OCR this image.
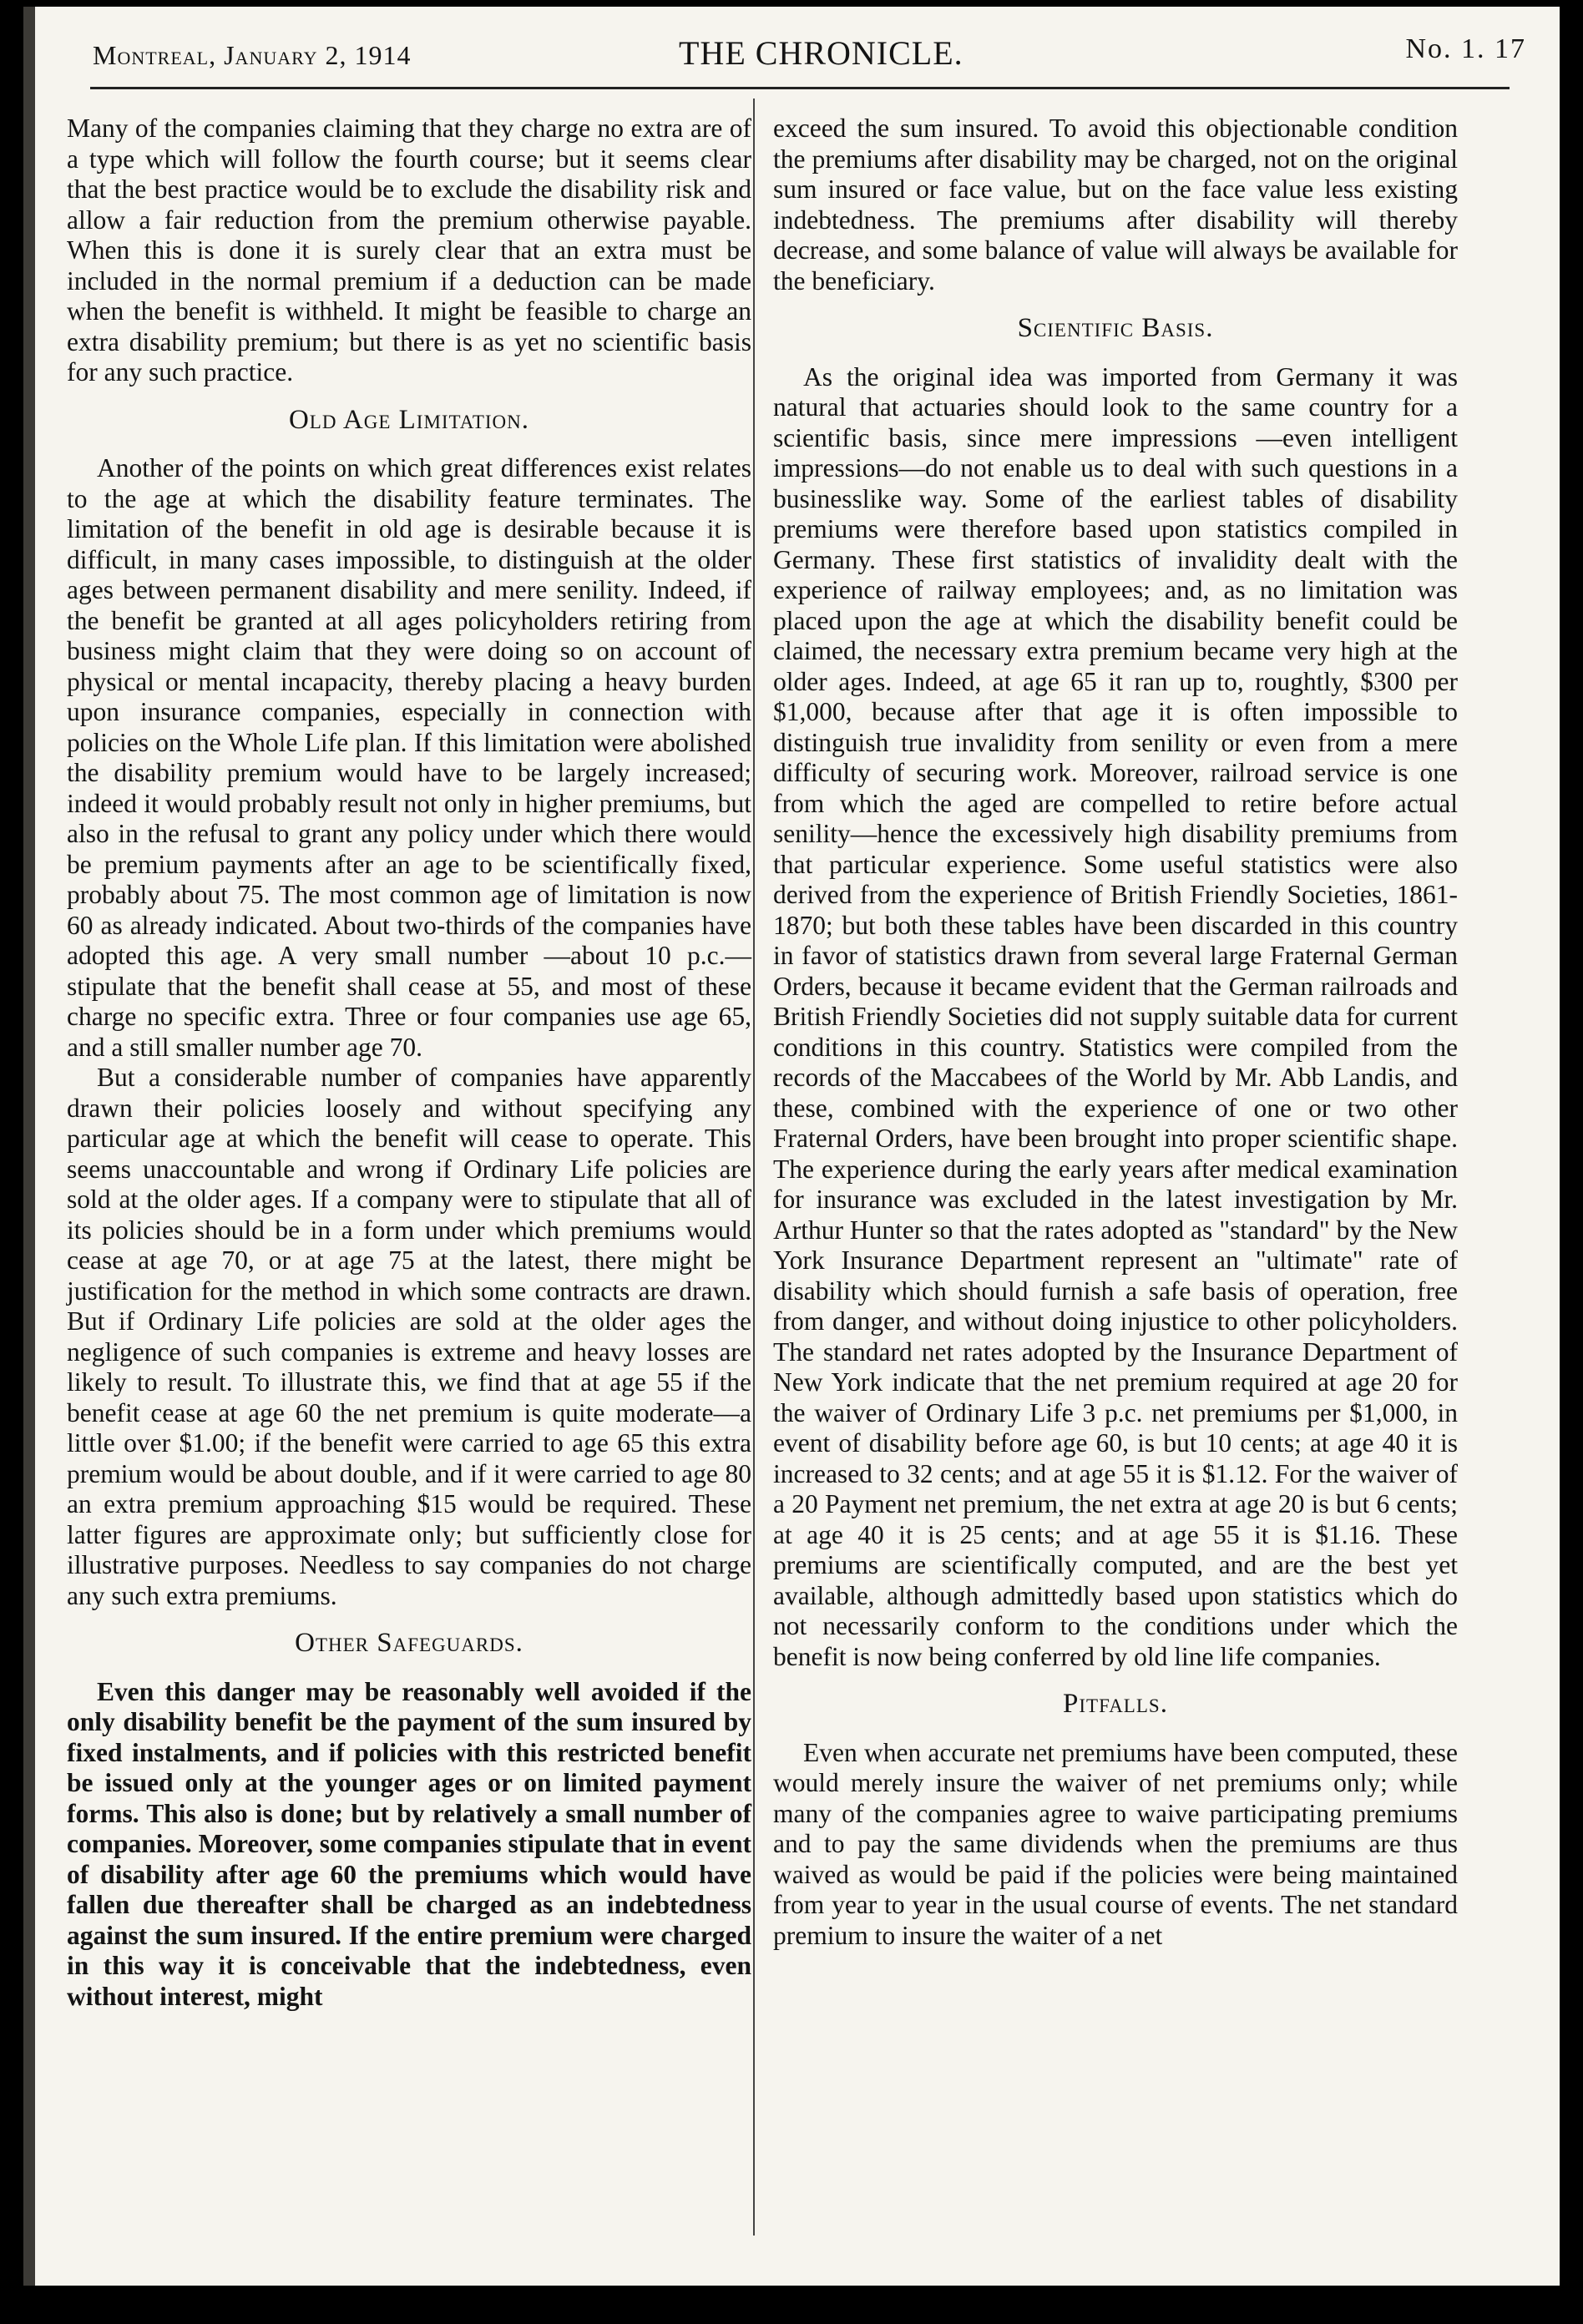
Montreal, January 2, 1914	THE CHRONICLE.	No. 1. 17

Many of the companies claiming that they charge no extra are of a type which will follow the fourth course; but it seems clear that the best practice would be to exclude the disability risk and allow a fair reduction from the premium otherwise payable. When this is done it is surely clear that an extra must be included in the normal premium if a deduction can be made when the benefit is withheld. It might be feasible to charge an extra disability premium; but there is as yet no scientific basis for any such practice.

Old Age Limitation.

Another of the points on which great differences exist relates to the age at which the disability feature terminates. The limitation of the benefit in old age is desirable because it is difficult, in many cases impossible, to distinguish at the older ages between permanent disability and mere senility. Indeed, if the benefit be granted at all ages policyholders retiring from business might claim that they were doing so on account of physical or mental incapacity, thereby placing a heavy burden upon insurance companies, especially in connection with policies on the Whole Life plan. If this limitation were abolished the disability premium would have to be largely increased; indeed it would probably result not only in higher premiums, but also in the refusal to grant any policy under which there would be premium payments after an age to be scientifically fixed, probably about 75. The most common age of limitation is now 60 as already indicated. About two-thirds of the companies have adopted this age. A very small number —about 10 p.c.—stipulate that the benefit shall cease at 55, and most of these charge no specific extra. Three or four companies use age 65, and a still smaller number age 70.

But a considerable number of companies have apparently drawn their policies loosely and without specifying any particular age at which the benefit will cease to operate. This seems unaccountable and wrong if Ordinary Life policies are sold at the older ages. If a company were to stipulate that all of its policies should be in a form under which premiums would cease at age 70, or at age 75 at the latest, there might be justification for the method in which some contracts are drawn. But if Ordinary Life policies are sold at the older ages the negligence of such companies is extreme and heavy losses are likely to result. To illustrate this, we find that at age 55 if the benefit cease at age 60 the net premium is quite moderate—a little over $1.00; if the benefit were carried to age 65 this extra premium would be about double, and if it were carried to age 80 an extra premium approaching $15 would be required. These latter figures are approximate only; but sufficiently close for illustrative purposes. Needless to say companies do not charge any such extra premiums.

Other Safeguards.

Even this danger may be reasonably well avoided if the only disability benefit be the payment of the sum insured by fixed instalments, and if policies with this restricted benefit be issued only at the younger ages or on limited payment forms. This also is done; but by relatively a small number of companies. Moreover, some companies stipulate that in event of disability after age 60 the premiums which would have fallen due thereafter shall be charged as an indebtedness against the sum insured. If the entire premium were charged in this way it is conceivable that the indebtedness, even without interest, might

exceed the sum insured. To avoid this objectionable condition the premiums after disability may be charged, not on the original sum insured or face value, but on the face value less existing indebtedness. The premiums after disability will thereby decrease, and some balance of value will always be available for the beneficiary.

Scientific Basis.

As the original idea was imported from Germany it was natural that actuaries should look to the same country for a scientific basis, since mere impressions —even intelligent impressions—do not enable us to deal with such questions in a businesslike way. Some of the earliest tables of disability premiums were therefore based upon statistics compiled in Germany. These first statistics of invalidity dealt with the experience of railway employees; and, as no limitation was placed upon the age at which the disability benefit could be claimed, the necessary extra premium became very high at the older ages. Indeed, at age 65 it ran up to, roughtly, $300 per $1,000, because after that age it is often impossible to distinguish true invalidity from senility or even from a mere difficulty of securing work. Moreover, railroad service is one from which the aged are compelled to retire before actual senility—hence the excessively high disability premiums from that particular experience. Some useful statistics were also derived from the experience of British Friendly Societies, 1861-1870; but both these tables have been discarded in this country in favor of statistics drawn from several large Fraternal German Orders, because it became evident that the German railroads and British Friendly Societies did not supply suitable data for current conditions in this country. Statistics were compiled from the records of the Maccabees of the World by Mr. Abb Landis, and these, combined with the experience of one or two other Fraternal Orders, have been brought into proper scientific shape. The experience during the early years after medical examination for insurance was excluded in the latest investigation by Mr. Arthur Hunter so that the rates adopted as "standard" by the New York Insurance Department represent an "ultimate" rate of disability which should furnish a safe basis of operation, free from danger, and without doing injustice to other policyholders. The standard net rates adopted by the Insurance Department of New York indicate that the net premium required at age 20 for the waiver of Ordinary Life 3 p.c. net premiums per $1,000, in event of disability before age 60, is but 10 cents; at age 40 it is increased to 32 cents; and at age 55 it is $1.12. For the waiver of a 20 Payment net premium, the net extra at age 20 is but 6 cents; at age 40 it is 25 cents; and at age 55 it is $1.16. These premiums are scientifically computed, and are the best yet available, although admittedly based upon statistics which do not necessarily conform to the conditions under which the benefit is now being conferred by old line life companies.

Pitfalls.

Even when accurate net premiums have been computed, these would merely insure the waiver of net premiums only; while many of the companies agree to waive participating premiums and to pay the same dividends when the premiums are thus waived as would be paid if the policies were being maintained from year to year in the usual course of events. The net standard premium to insure the waiter of a net
